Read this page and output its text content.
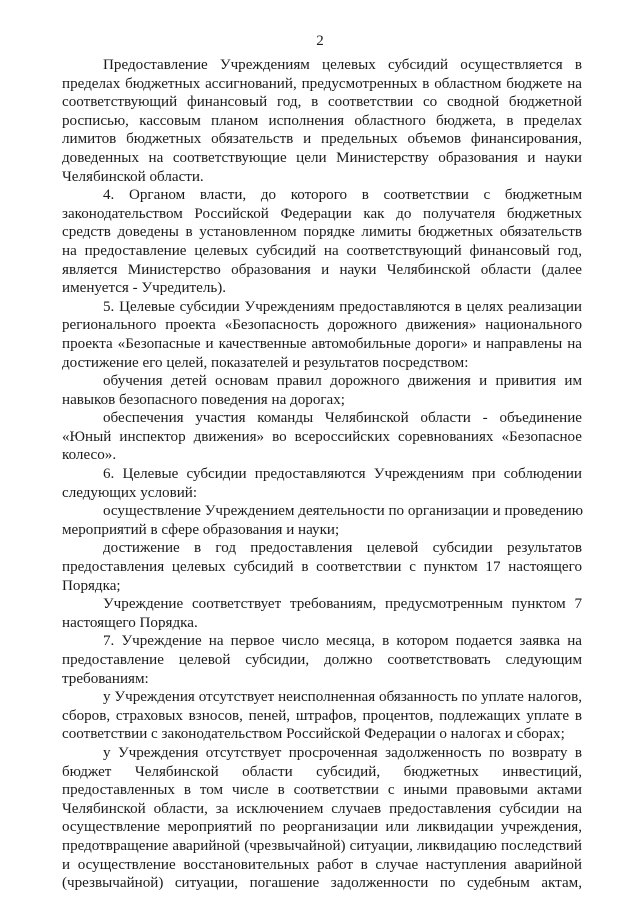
2
Предоставление Учреждениям целевых субсидий осуществляется в
пределах бюджетных ассигнований, предусмотренных в областном бюджете на
соответствующий финансовый год, в соответствии со сводной бюджетной
росписью, кассовым планом исполнения областного бюджета, в пределах
лимитов бюджетных обязательств и предельных объемов финансирования,
доведенных на соответствующие цели Министерству образования и науки
Челябинской области.
4. Органом власти, до которого в соответствии с бюджетным
законодательством Российской Федерации как до получателя бюджетных
средств доведены в установленном порядке лимиты бюджетных обязательств
на предоставление целевых субсидий на соответствующий финансовый год,
является Министерство образования и науки Челябинской области (далее
именуется - Учредитель).
5. Целевые субсидии Учреждениям предоставляются в целях реализации
регионального проекта «Безопасность дорожного движения» национального
проекта «Безопасные и качественные автомобильные дороги» и направлены на
достижение его целей, показателей и результатов посредством:
обучения детей основам правил дорожного движения и привития им
навыков безопасного поведения на дорогах;
обеспечения участия команды Челябинской области - объединение
«Юный инспектор движения» во всероссийских соревнованиях «Безопасное
колесо».
6. Целевые субсидии предоставляются Учреждениям при соблюдении
следующих условий:
осуществление Учреждением деятельности по организации и проведению
мероприятий в сфере образования и науки;
достижение в год предоставления целевой субсидии результатов
предоставления целевых субсидий в соответствии с пунктом 17 настоящего
Порядка;
Учреждение соответствует требованиям, предусмотренным пунктом 7
настоящего Порядка.
7. Учреждение на первое число месяца, в котором подается заявка на
предоставление целевой субсидии, должно соответствовать следующим
требованиям:
у Учреждения отсутствует неисполненная обязанность по уплате налогов,
сборов, страховых взносов, пеней, штрафов, процентов, подлежащих уплате в
соответствии с законодательством Российской Федерации о налогах и сборах;
у Учреждения отсутствует просроченная задолженность по возврату в
бюджет Челябинской области субсидий, бюджетных инвестиций,
предоставленных в том числе в соответствии с иными правовыми актами
Челябинской области, за исключением случаев предоставления субсидии на
осуществление мероприятий по реорганизации или ликвидации учреждения,
предотвращение аварийной (чрезвычайной) ситуации, ликвидацию последствий
и осуществление восстановительных работ в случае наступления аварийной
(чрезвычайной) ситуации, погашение задолженности по судебным актам,
